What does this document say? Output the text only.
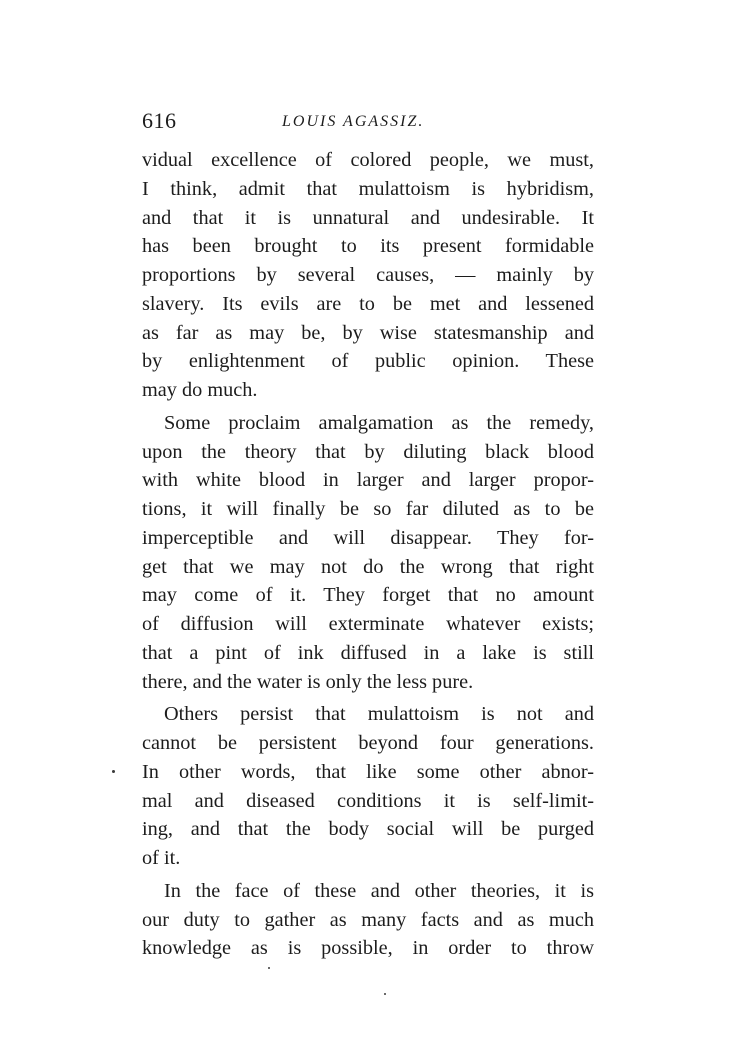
616	LOUIS AGASSIZ.
vidual excellence of colored people, we must,
I think, admit that mulattoism is hybridism,
and that it is unnatural and undesirable. It
has been brought to its present formidable
proportions by several causes, — mainly by
slavery. Its evils are to be met and lessened
as far as may be, by wise statesmanship and
by enlightenment of public opinion. These
may do much.
Some proclaim amalgamation as the remedy,
upon the theory that by diluting black blood
with white blood in larger and larger propor-
tions, it will finally be so far diluted as to be
imperceptible and will disappear. They for-
get that we may not do the wrong that right
may come of it. They forget that no amount
of diffusion will exterminate whatever exists;
that a pint of ink diffused in a lake is still
there, and the water is only the less pure.
Others persist that mulattoism is not and
cannot be persistent beyond four generations.
In other words, that like some other abnor-
mal and diseased conditions it is self-limit-
ing, and that the body social will be purged
of it.
In the face of these and other theories, it is
our duty to gather as many facts and as much
knowledge as is possible, in order to throw
